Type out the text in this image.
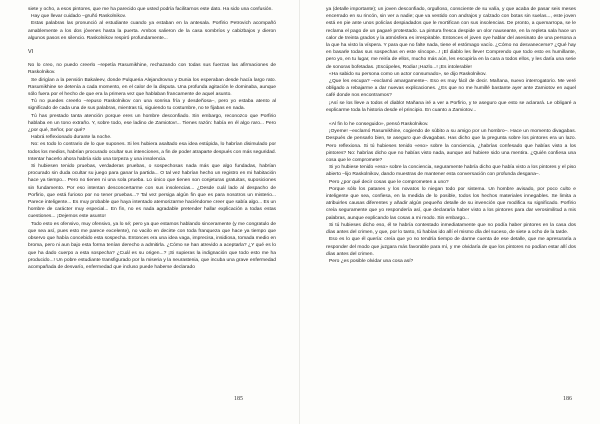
siete y ocho, a esos pintores, que me ha parecido que usted podría facilitarnos este dato. Ha sido una confusión.

Hay que llevar cuidado –gruñó Raskolnikov.

Estas palabras las pronunció al estudiante cuando ya estaban en la antesala. Porfirio Petrovich acompañó amablemente a los dos jóvenes hasta la puerta. Ambos salieron de la casa sombríos y cabizbajos y dieron algunos pasos en silencio. Raskolnikov respiró profundamente...

VI

No lo creo, no puedo creerlo –repetía Rasumikhine, rechazando con todas sus fuerzas las afirmaciones de Raskolnikov.

Se dirigían a la pensión Bakaleev, donde Pulqueria Alejandrovna y Dunia los esperaban desde hacía largo rato. Rasumikhine se detenía a cada momento, en el calor de la disputa. Una profunda agitación le dominaba, aunque sólo fuera por el hecho de que era la primera vez que hablaban francamente de aquel asunto.

Tú no puedes creerlo –repuso Raskolnikov con una sonrisa fría y desdeñosa–, pero yo estaba atento al significado de cada una de sus palabras, mientras tú, siguiendo tu costumbre, no te fijabas en nada.

Tú has prestado tanta atención porque eres un hombre desconfiado. Sin embargo, reconozco que Porfirio hablaba en un tono extraño. Y, sobre todo, ese ladino de Zamiotov!... Tienes razón: había en él algo raro... Pero ¿por qué, Señor, por qué?

Habrá reflexionado durante la noche.

No: es todo lo contrario de lo que supones. Si les hubiera asaltado esa idea estúpida, lo habrían disimulado por todos los medios, habrían procurado ocultar sus intenciones, a fin de poder atraparte después con más seguridad. Intentar hacerlo ahora habría sido una torpeza y una insolencia.

Si hubiesen tenido pruebas, verdaderas pruebas, o sospechosas nada más que algo fundadas, habrían procurado sin duda ocultar su juego para ganar la partida... O tal vez habrían hecho un registro en mi habitación hace ya tiempo... Pero no tienen ni una sola prueba. Lo único que tienen son conjeturas gratuitas, suposiciones sin fundamento. Por eso intentan desconcertarme con sus insolencias... ¿Desde cuál lado al despacho de Porfirio, que está furioso por no tener pruebas...? Tal vez persiga algún fin que es para nosotros un misterio... Parece inteligente... Es muy probable que haya intentado atemorizarme haciéndome creer que sabía algo... Es un hombre de carácter muy especial... En fin, no es nada agradable pretender hallar explicación a todas estas cuestiones... ¡Dejemos este asunto!

Todo esto es ofensivo, muy ofensivo, ya lo sé; pero ya que estamos hablando sinceramente (y me congratulo de que sea así, pues esto me parece excelente), no vacilo en decirte con toda franqueza que hace ya tiempo que observo que había concebido esta sospecha. Entonces era una idea vaga, imprecisa, insidiosa, tomada medio en broma, pero ni aun bajo esta forma tenían derecho a admitirla. ¿Cómo se han atrevido a aceptarla? ¿Y qué es lo que ha dado cuerpo a esta sospecha? ¿Cuál es su origen...? ¡Si supieras la indignación que todo esto me ha producido...! Un pobre estudiante transfigurado por la miseria y la neurastenia, que incuba una grave enfermedad acompañada de desvarío, enfermedad que incluso puede haberse declarado

185

ya (detalle importante); un joven desconfiado, orgulloso, consciente de su valía, y que acaba de pasar seis meses encerrado en su rincón, sin ver a nadie; que va vestido con andrajos y calzado con botas sin suelas..., este joven está en pie ante unos policías despiadados que le mortifican con sus insolencias. De pronto, a quemarropa, se le reclama el pago de un pagaré protestado. La pintura fresca despide un olor nauseante, en la repleta sala hace un calor de treinta grados y la atmósfera es irrespirable. Entonces el joven oye hablar del asesinato de una persona a la que ha visto la víspera. Y para que no falte nada, tiene el estómago vacío. ¿Cómo no desvanecerse? ¿Qué hay en basarle todas sus sospechas en este síncope...! ¡El diablo les lleve! Comprendo que todo esto es humillante, pero yo, en tu lugar, me reiría de ellos, mucho más aún, les escupiría en la cara a todos ellos, y les daría una serie de sonoras bofetadas. ¡Escúpeles, Rodia! ¡Hazlo...! ¡Es intolerable!

«Ha sabido su persona como un actor consumado», se dijo Raskolnikov.

¿Que les escupa? –exclamó amargamente–. Eso es muy fácil de decir. Mañana, nuevo interrogatorio. Me veré obligado a rebajarme a dar nuevas explicaciones. ¿Es que no me humillé bastante ayer ante Zamiotov en aquel café donde nos encontramos?

¡Así se los lleve a todos el diablo! Mañana iré a ver a Porfirio, y te aseguro que esto se aclarará. Le obligaré a explicarme toda la historia desde el principio. En cuanto a Zamiotov...

«Al fin lo he conseguido», pensó Raskolnikov.

¡Oyeme! –exclamó Rasumikhine, cogiendo de súbito a su amigo por un hombro–. Hace un momento divagabas. Después de pensarlo bien, te aseguro que divagabas. Has dicho que la pregunta sobre los pintores era un lazo. Pero reflexiona. Si tú hubieses tenido «eso» sobre la conciencia, ¿habrías confesado que habías visto a los pintores? No: habrías dicho que no habías visto nada, aunque así hubiere sido una mentira. ¿Quién confiesa una cosa que le compromete?

Si yo hubiese tenido «eso» sobre la conciencia, seguramente habría dicho que había visto a los pintores y el piso abierto –lijo Raskolnikov, dando muestras de mantener esta conversación con profunda desgana–.

Pero ¿por qué decir cosas que le comprometen a uno?

Porque sólo los patanes y los novatos lo niegan todo por sistema. Un hombre avisado, por poco culto e inteligente que sea, confiesa, en la medida de lo posible, todos los hechos materiales innegables. Se limita a atribuirles causas diferentes y añadir algún pequeño detalle de su invención que modifica su significado. Porfirio creía seguramente que yo respondería así, que declararía haber visto a los pintores para dar verosimilitud a mis palabras, aunque explicando las cosas a mi modo. Sin embargo...

Si tú hubieses dicho eso, él te habría contestado inmediatamente que no podía haber pintores en la casa dos días antes del crimen, y que, por lo tanto, tú habías ido allí el mismo día del suceso, de siete a ocho de la tarde.

Eso es lo que él quería: creía que yo no tendría tiempo de darme cuenta de ese detalle, que me apresuraría a responder del modo que juzgara más favorable para mí, y me olvidaría de que los pintores no podían estar allí dos días antes del crimen.

Pero ¿es posible olvidar una cosa así?

186
